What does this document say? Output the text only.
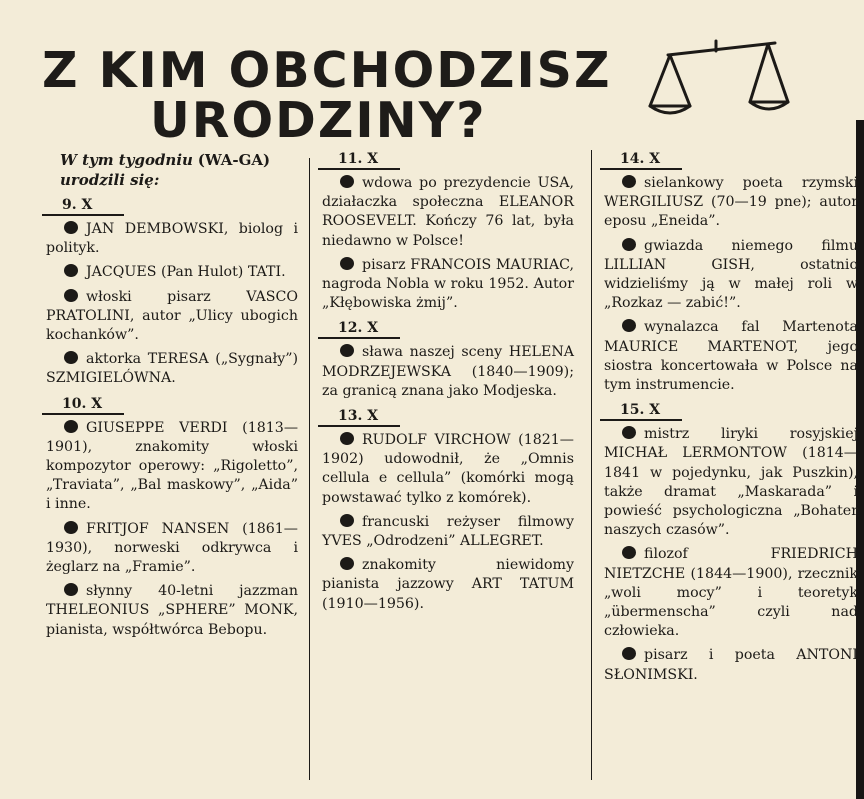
Z KIM OBCHODZISZ
URODZINY?

W tym tygodniu (WA-GA) urodzili się:

9. X

JAN DEMBOWSKI, biolog i polityk.

JACQUES (Pan Hulot) TATI.

włoski pisarz VASCO PRATOLINI, autor „Ulicy ubogich kochanków”.

aktorka TERESA („Sygnały”) SZMIGIELÓWNA.

10. X

GIUSEPPE VERDI (1813—1901), znakomity włoski kompozytor operowy: „Rigoletto”, „Traviata”, „Bal maskowy”, „Aida” i inne.

FRITJOF NANSEN (1861—1930), norweski odkrywca i żeglarz na „Framie”.

słynny 40-letni jazzman THELEONIUS „SPHERE” MONK, pianista, współtwórca Bebopu.

11. X

wdowa po prezydencie USA, działaczka społeczna ELEANOR ROOSEVELT. Kończy 76 lat, była niedawno w Polsce!

pisarz FRANCOIS MAURIAC, nagroda Nobla w roku 1952. Autor „Kłębowiska żmij”.

12. X

sława naszej sceny HELENA MODRZEJEWSKA (1840—1909); za granicą znana jako Modjeska.

13. X

RUDOLF VIRCHOW (1821—1902) udowodnił, że „Omnis cellula e cellula” (komórki mogą powstawać tylko z komórek).

francuski reżyser filmowy YVES „Odrodzeni” ALLEGRET.

znakomity niewidomy pianista jazzowy ART TATUM (1910—1956).

14. X

sielankowy poeta rzymski WERGILIUSZ (70—19 pne); autor eposu „Eneida”.

gwiazda niemego filmu LILLIAN GISH, ostatnio widzieliśmy ją w małej roli w „Rozkaz — zabić!”.

wynalazca fal Martenota MAURICE MARTENOT, jego siostra koncertowała w Polsce na tym instrumencie.

15. X

mistrz liryki rosyjskiej MICHAŁ LERMONTOW (1814—1841 w pojedynku, jak Puszkin), także dramat „Maskarada” i powieść psychologiczna „Bohater naszych czasów”.

filozof FRIEDRICH NIETZCHE (1844—1900), rzecznik „woli mocy” i teoretyk „übermenscha” czyli nad człowieka.

pisarz i poeta ANTONI SŁONIMSKI.
